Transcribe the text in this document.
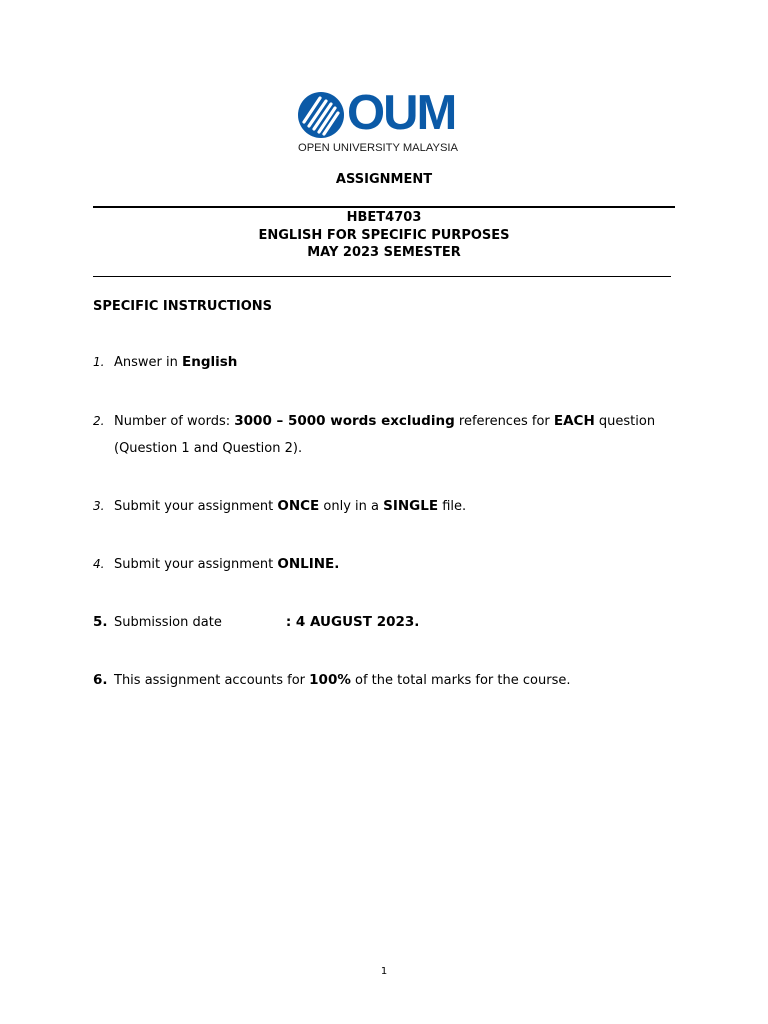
OUM
OPEN UNIVERSITY MALAYSIA
ASSIGNMENT
HBET4703
ENGLISH FOR SPECIFIC PURPOSES
MAY 2023 SEMESTER
SPECIFIC INSTRUCTIONS
1. Answer in English
2. Number of words: 3000 – 5000 words excluding references for EACH question (Question 1 and Question 2).
3. Submit your assignment ONCE only in a SINGLE file.
4. Submit your assignment ONLINE.
5. Submission date	: 4 AUGUST 2023.
6. This assignment accounts for 100% of the total marks for the course.
1
